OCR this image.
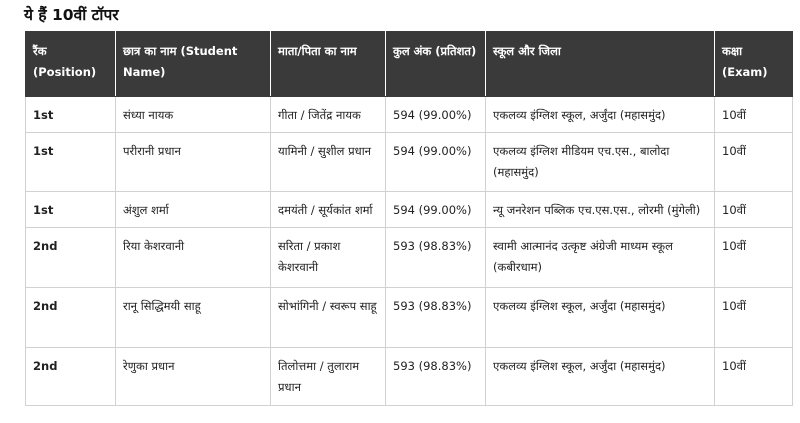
ये हैं 10वीं टॉपर
रैंक (Position)	छात्र का नाम (Student Name)	माता/पिता का नाम	कुल अंक (प्रतिशत)	स्कूल और जिला	कक्षा (Exam)
1st	संध्या नायक	गीता / जितेंद्र नायक	594 (99.00%)	एकलव्य इंग्लिश स्कूल, अर्जुंदा (महासमुंद)	10वीं
1st	परीरानी प्रधान	यामिनी / सुशील प्रधान	594 (99.00%)	एकलव्य इंग्लिश मीडियम एच.एस., बालोदा (महासमुंद)	10वीं
1st	अंशुल शर्मा	दमयंती / सूर्यकांत शर्मा	594 (99.00%)	न्यू जनरेशन पब्लिक एच.एस.एस., लोरमी (मुंगेली)	10वीं
2nd	रिया केशरवानी	सरिता / प्रकाश केशरवानी	593 (98.83%)	स्वामी आत्मानंद उत्कृष्ट अंग्रेजी माध्यम स्कूल (कबीरधाम)	10वीं
2nd	रानू सिद्धिमयी साहू	सोभांगिनी / स्वरूप साहू	593 (98.83%)	एकलव्य इंग्लिश स्कूल, अर्जुंदा (महासमुंद)	10वीं
2nd	रेणुका प्रधान	तिलोत्तमा / तुलाराम प्रधान	593 (98.83%)	एकलव्य इंग्लिश स्कूल, अर्जुंदा (महासमुंद)	10वीं
